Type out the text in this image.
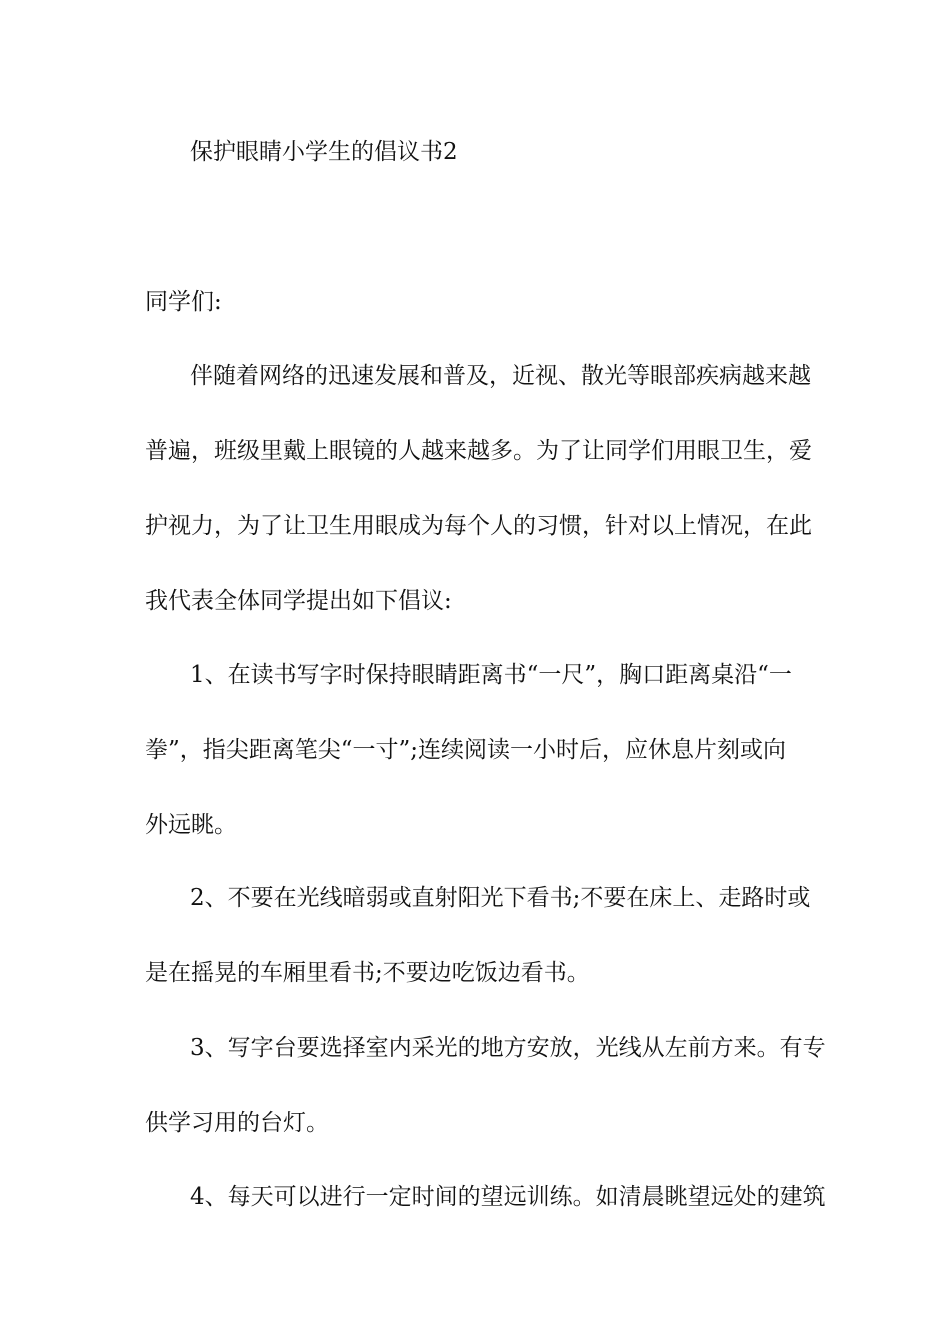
保护眼睛小学生的倡议书2
同学们:
伴随着网络的迅速发展和普及，近视、散光等眼部疾病越来越
普遍，班级里戴上眼镜的人越来越多。为了让同学们用眼卫生，爱
护视力，为了让卫生用眼成为每个人的习惯，针对以上情况，在此
我代表全体同学提出如下倡议:
1、在读书写字时保持眼睛距离书“一尺”，胸口距离桌沿“一
拳”，指尖距离笔尖“一寸”;连续阅读一小时后，应休息片刻或向
外远眺。
2、不要在光线暗弱或直射阳光下看书;不要在床上、走路时或
是在摇晃的车厢里看书;不要边吃饭边看书。
3、写字台要选择室内采光的地方安放，光线从左前方来。有专
供学习用的台灯。
4、每天可以进行一定时间的望远训练。如清晨眺望远处的建筑
